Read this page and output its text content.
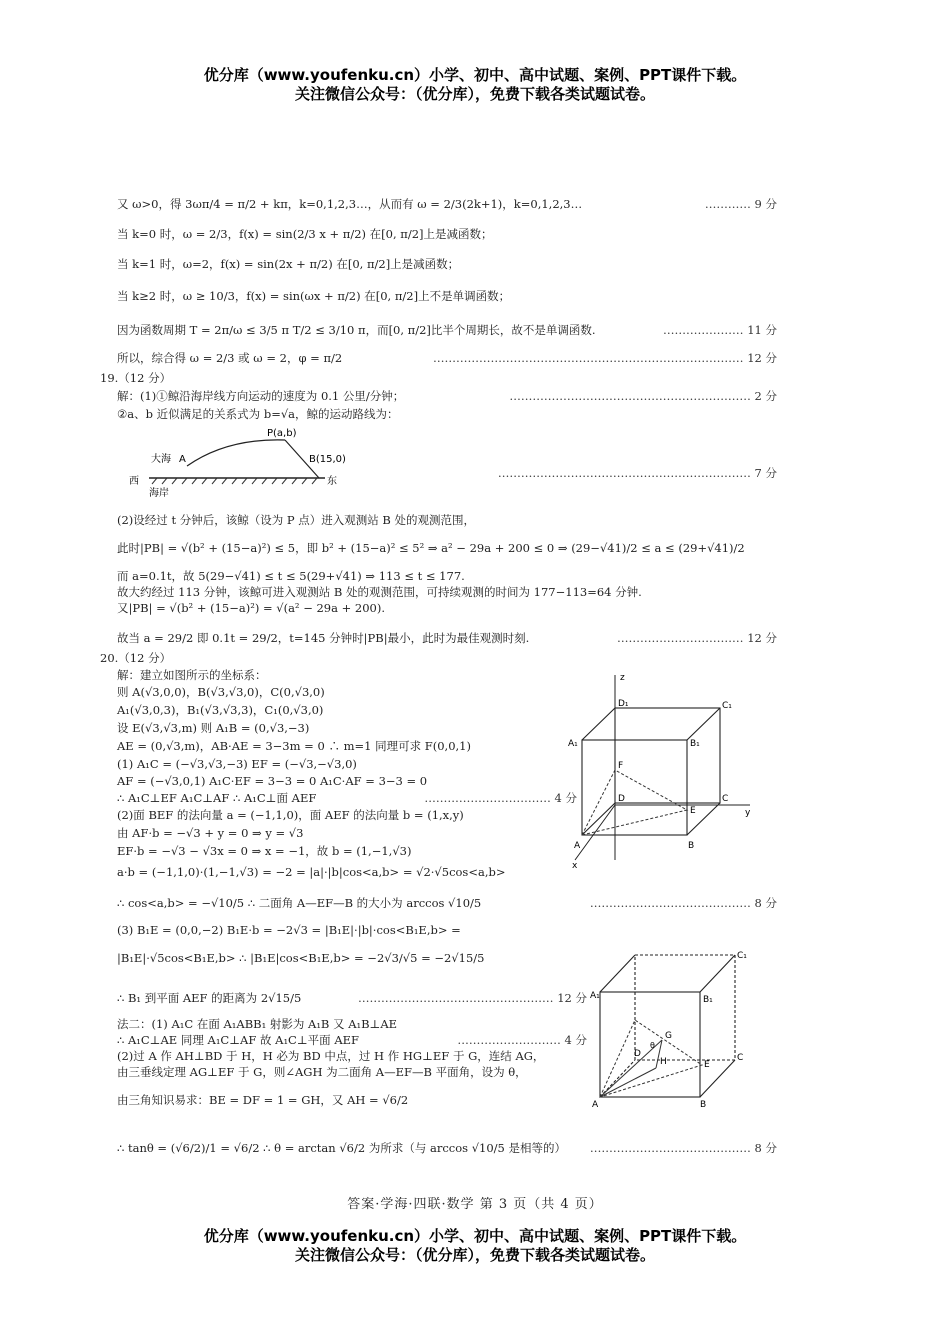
优分库（www.youfenku.cn）小学、初中、高中试题、案例、PPT课件下载。
关注微信公众号：（优分库），免费下载各类试题试卷。
又 ω>0，得 3ωπ/4 = π/2 + kπ，k=0,1,2,3…，从而有 ω = 2/3(2k+1)，k=0,1,2,3…	………… 9 分
当 k=0 时，ω = 2/3，f(x) = sin(2/3 x + π/2) 在[0, π/2]上是减函数；
当 k=1 时，ω=2，f(x) = sin(2x + π/2) 在[0, π/2]上是减函数；
当 k≥2 时，ω ≥ 10/3，f(x) = sin(ωx + π/2) 在[0, π/2]上不是单调函数；
因为函数周期 T = 2π/ω ≤ 3/5 π T/2 ≤ 3/10 π，而[0, π/2]比半个周期长，故不是单调函数.	………………… 11 分
所以，综合得 ω = 2/3 或 ω = 2，φ = π/2	……………………………………………………………………… 12 分
19.（12 分）
解：(1)①鲸沿海岸线方向运动的速度为 0.1 公里/分钟；	……………………………………………………… 2 分
②a、b 近似满足的关系式为 b=√a，鲸的运动路线为：
P(a,b)
B(15,0)
大海 A
西	东
海岸
………………………………………………………… 7 分
(2)设经过 t 分钟后，该鲸（设为 P 点）进入观测站 B 处的观测范围，
此时|PB| = √(b² + (15−a)²) ≤ 5，即 b² + (15−a)² ≤ 5² ⇒ a² − 29a + 200 ≤ 0 ⇒ (29−√41)/2 ≤ a ≤ (29+√41)/2
而 a=0.1t，故 5(29−√41) ≤ t ≤ 5(29+√41) ⇒ 113 ≤ t ≤ 177.
故大约经过 113 分钟，该鲸可进入观测站 B 处的观测范围，可持续观测的时间为 177−113=64 分钟.
又|PB| = √(b² + (15−a)²) = √(a² − 29a + 200).
故当 a = 29/2 即 0.1t = 29/2，t=145 分钟时|PB|最小，此时为最佳观测时刻.	…………………………… 12 分
20.（12 分）
解：建立如图所示的坐标系：
则 A(√3,0,0)，B(√3,√3,0)，C(0,√3,0)
A₁(√3,0,3)，B₁(√3,√3,3)，C₁(0,√3,0)
设 E(√3,√3,m) 则 A₁B = (0,√3,−3)
AE = (0,√3,m)，AB·AE = 3−3m = 0 ∴ m=1 同理可求 F(0,0,1)
(1) A₁C = (−√3,√3,−3) EF = (−√3,−√3,0)
AF = (−√3,0,1) A₁C·EF = 3−3 = 0 A₁C·AF = 3−3 = 0
∴ A₁C⊥EF A₁C⊥AF ∴ A₁C⊥面 AEF	…………………………… 4 分
(2)面 BEF 的法向量 a = (−1,1,0)，面 AEF 的法向量 b = (1,x,y)
由 AF·b = −√3 + y = 0 ⇒ y = √3
EF·b = −√3 − √3x = 0 ⇒ x = −1，故 b = (1,−1,√3)
a·b = (−1,1,0)·(1,−1,√3) = −2 = |a|·|b|cos<a,b> = √2·√5cos<a,b>
∴ cos<a,b> = −√10/5 ∴ 二面角 A—EF—B 的大小为 arccos √10/5	…………………………………… 8 分
(3) B₁E = (0,0,−2) B₁E·b = −2√3 = |B₁E|·|b|·cos<B₁E,b> =
|B₁E|·√5cos<B₁E,b> ∴ |B₁E|cos<B₁E,b> = −2√3/√5 = −2√15/5
∴ B₁ 到平面 AEF 的距离为 2√15/5	…………………………………………… 12 分
法二：(1) A₁C 在面 A₁ABB₁ 射影为 A₁B 又 A₁B⊥AE
∴ A₁C⊥AE 同理 A₁C⊥AF 故 A₁C⊥平面 AEF	……………………… 4 分
(2)过 A 作 AH⊥BD 于 H，H 必为 BD 中点，过 H 作 HG⊥EF 于 G，连结 AG，
由三垂线定理 AG⊥EF 于 G，则∠AGH 为二面角 A—EF—B 平面角，设为 θ，
由三角知识易求：BE = DF = 1 = GH，又 AH = √6/2
∴ tanθ = (√6/2)/1 = √6/2 ∴ θ = arctan √6/2 为所求（与 arccos √10/5 是相等的） …………………………………… 8 分
z
y
x
D₁	C₁
A₁	B₁
F
D	C
E
A	B
C₁
A₁	B₁
G
H
D	C
E
A	B
θ
答案·学海·四联·数学 第 3 页（共 4 页）
优分库（www.youfenku.cn）小学、初中、高中试题、案例、PPT课件下载。
关注微信公众号：（优分库），免费下载各类试题试卷。
